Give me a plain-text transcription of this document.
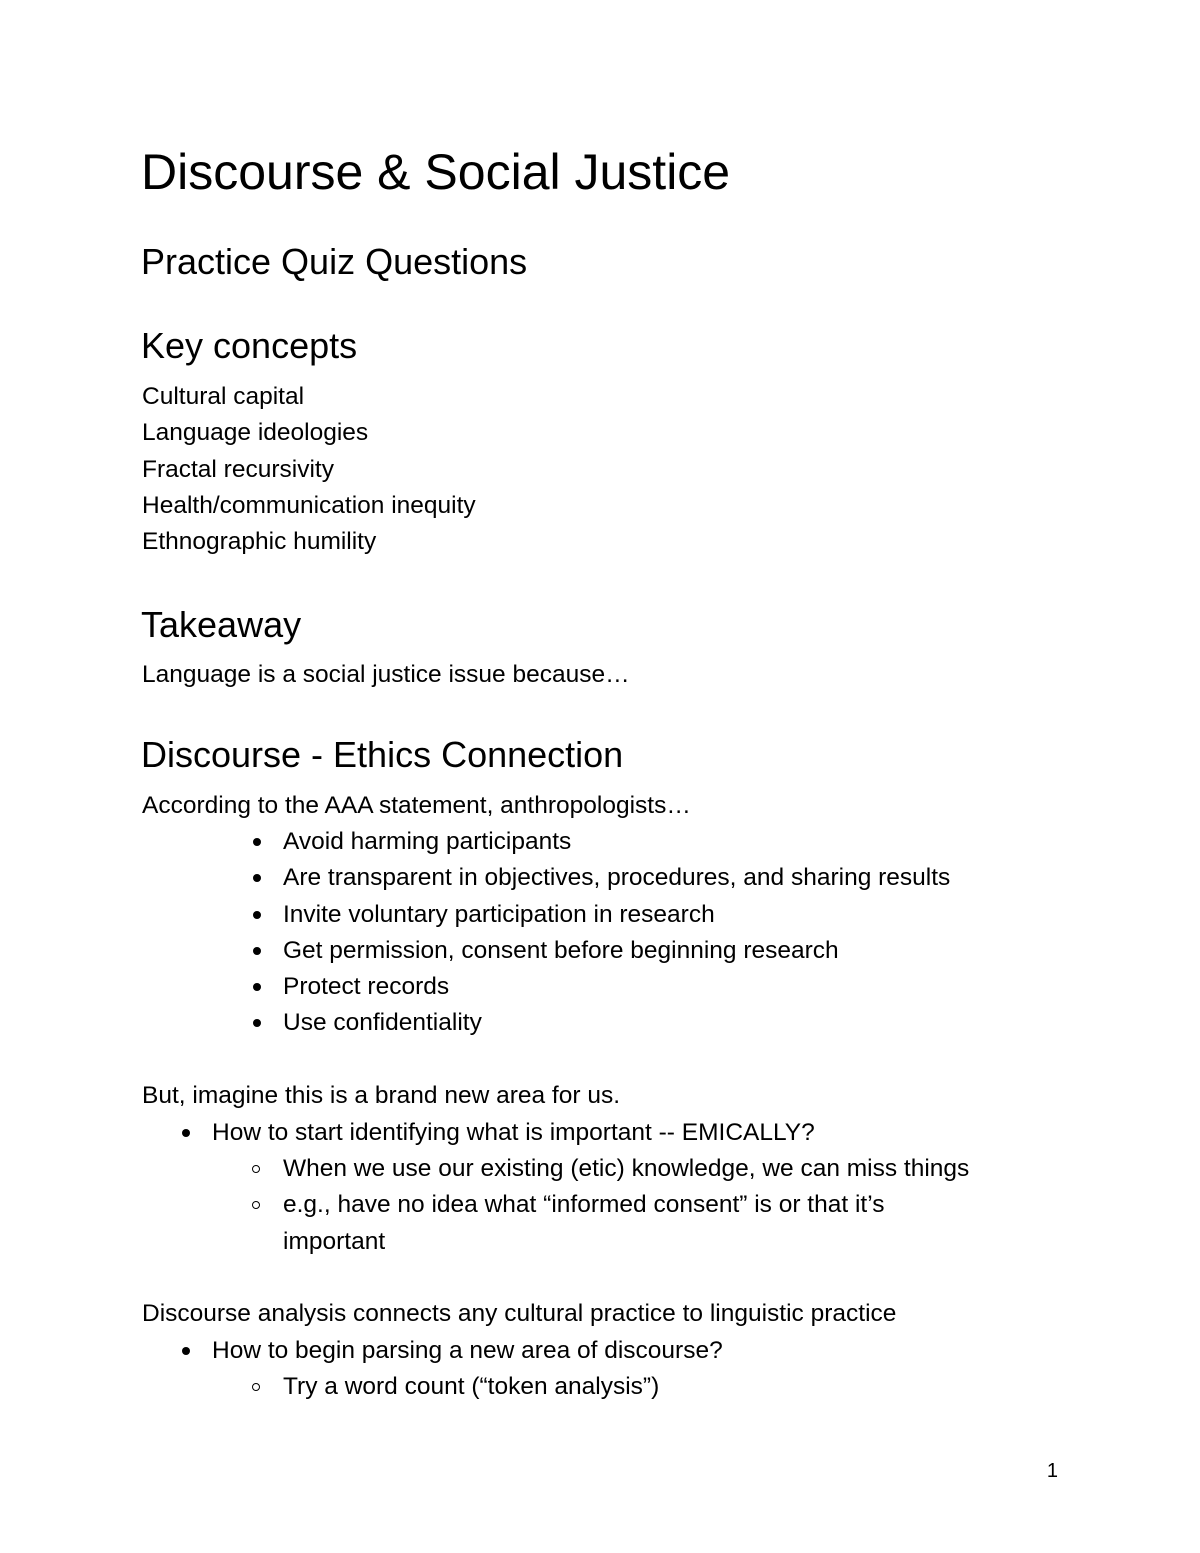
Discourse & Social Justice
Practice Quiz Questions
Key concepts
Cultural capital
Language ideologies
Fractal recursivity
Health/communication inequity
Ethnographic humility
Takeaway
Language is a social justice issue because…
Discourse - Ethics Connection
According to the AAA statement, anthropologists…
Avoid harming participants
Are transparent in objectives, procedures, and sharing results
Invite voluntary participation in research
Get permission, consent before beginning research
Protect records
Use confidentiality
But, imagine this is a brand new area for us.
How to start identifying what is important -- EMICALLY?
When we use our existing (etic) knowledge, we can miss things
e.g., have no idea what “informed consent” is or that it’s
important
Discourse analysis connects any cultural practice to linguistic practice
How to begin parsing a new area of discourse?
Try a word count (“token analysis”)
1
